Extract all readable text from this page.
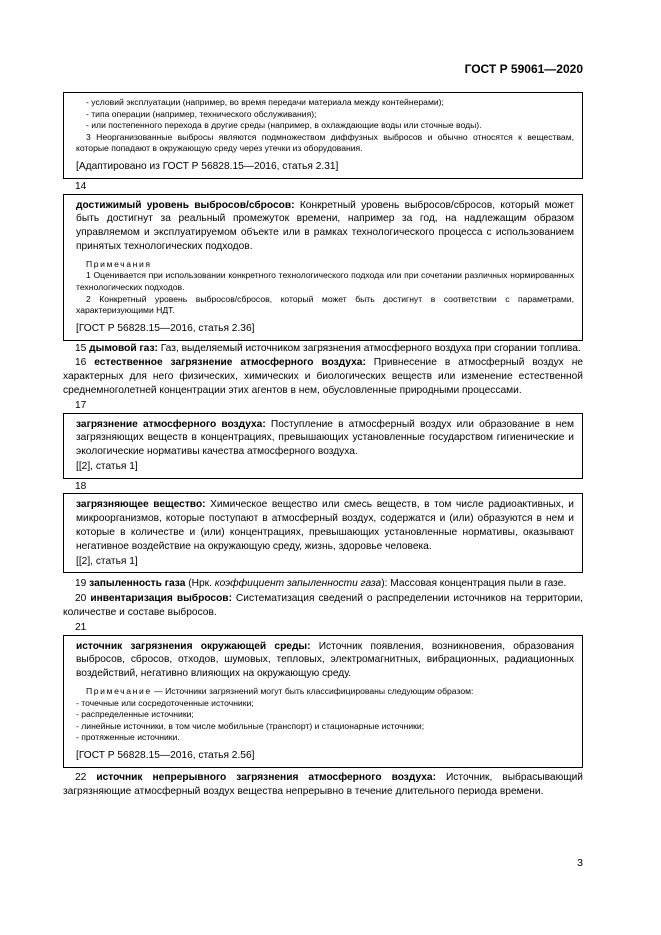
ГОСТ Р 59061—2020

- условий эксплуатации (например, во время передачи материала между контейнерами);

- типа операции (например, технического обслуживания);

- или постепенного перехода в другие среды (например, в охлаждающие воды или сточные воды).

3 Неорганизованные выбросы являются подмножеством диффузных выбросов и обычно относятся к веществам, которые попадают в окружающую среду через утечки из оборудования.

[Адаптировано из ГОСТ Р 56828.15—2016, статья 2.31]

14

достижимый уровень выбросов/сбросов: Конкретный уровень выбросов/сбросов, который может быть достигнут за реальный промежуток времени, например за год, на надлежащим образом управляемом и эксплуатируемом объекте или в рамках технологического процесса с использованием принятых технологических подходов.

Примечания

1 Оценивается при использовании конкретного технологического подхода или при сочетании различных нормированных технологических подходов.

2 Конкретный уровень выбросов/сбросов, который может быть достигнут в соответствии с параметрами, характеризующими НДТ.

[ГОСТ Р 56828.15—2016, статья 2.36]

15 дымовой газ: Газ, выделяемый источником загрязнения атмосферного воздуха при сгорании топлива.

16 естественное загрязнение атмосферного воздуха: Привнесение в атмосферный воздух не характерных для него физических, химических и биологических веществ или изменение естественной среднемноголетней концентрации этих агентов в нем, обусловленные природными процессами.

17

загрязнение атмосферного воздуха: Поступление в атмосферный воздух или образование в нем загрязняющих веществ в концентрациях, превышающих установленные государством гигиенические и экологические нормативы качества атмосферного воздуха.

[[2], статья 1]

18

загрязняющее вещество: Химическое вещество или смесь веществ, в том числе радиоактивных, и микроорганизмов, которые поступают в атмосферный воздух, содержатся и (или) образуются в нем и которые в количестве и (или) концентрациях, превышающих установленные нормативы, оказывают негативное воздействие на окружающую среду, жизнь, здоровье человека.

[[2], статья 1]

19 запыленность газа (Нрк. коэффициент запыленности газа): Массовая концентрация пыли в газе.

20 инвентаризация выбросов: Систематизация сведений о распределении источников на территории, количестве и составе выбросов.

21

источник загрязнения окружающей среды: Источник появления, возникновения, образования выбросов, сбросов, отходов, шумовых, тепловых, электромагнитных, вибрационных, радиационных воздействий, негативно влияющих на окружающую среду.

Примечание — Источники загрязнений могут быть классифицированы следующим образом:

- точечные или сосредоточенные источники;

- распределенные источники;

- линейные источники, в том числе мобильные (транспорт) и стационарные источники;

- протяженные источники.

[ГОСТ Р 56828.15—2016, статья 2.56]

22 источник непрерывного загрязнения атмосферного воздуха: Источник, выбрасывающий загрязняющие атмосферный воздух вещества непрерывно в течение длительного периода времени.

3
